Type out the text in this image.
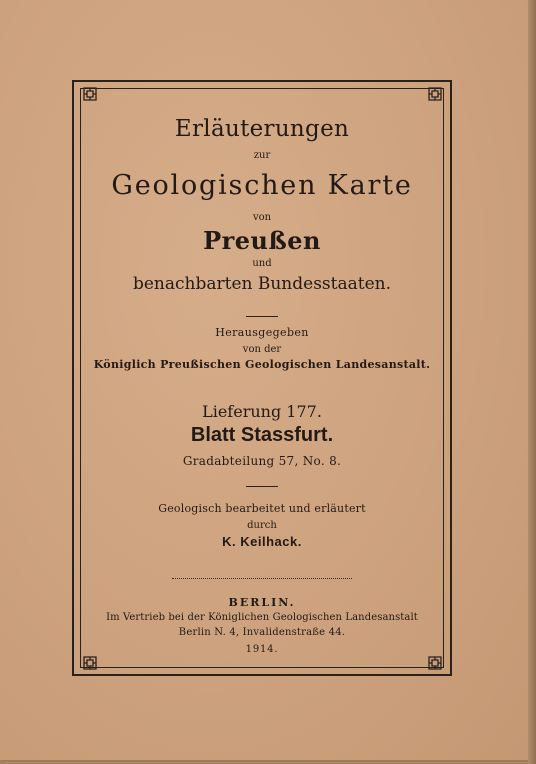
Erläuterungen
zur
Geologischen Karte
von
Preußen
und
benachbarten Bundesstaaten.
Herausgegeben
von der
Königlich Preußischen Geologischen Landesanstalt.
Lieferung 177.
Blatt Stassfurt.
Gradabteilung 57, No. 8.
Geologisch bearbeitet und erläutert
durch
K. Keilhack.
BERLIN.
Im Vertrieb bei der Königlichen Geologischen Landesanstalt
Berlin N. 4, Invalidenstraße 44.
1914.
